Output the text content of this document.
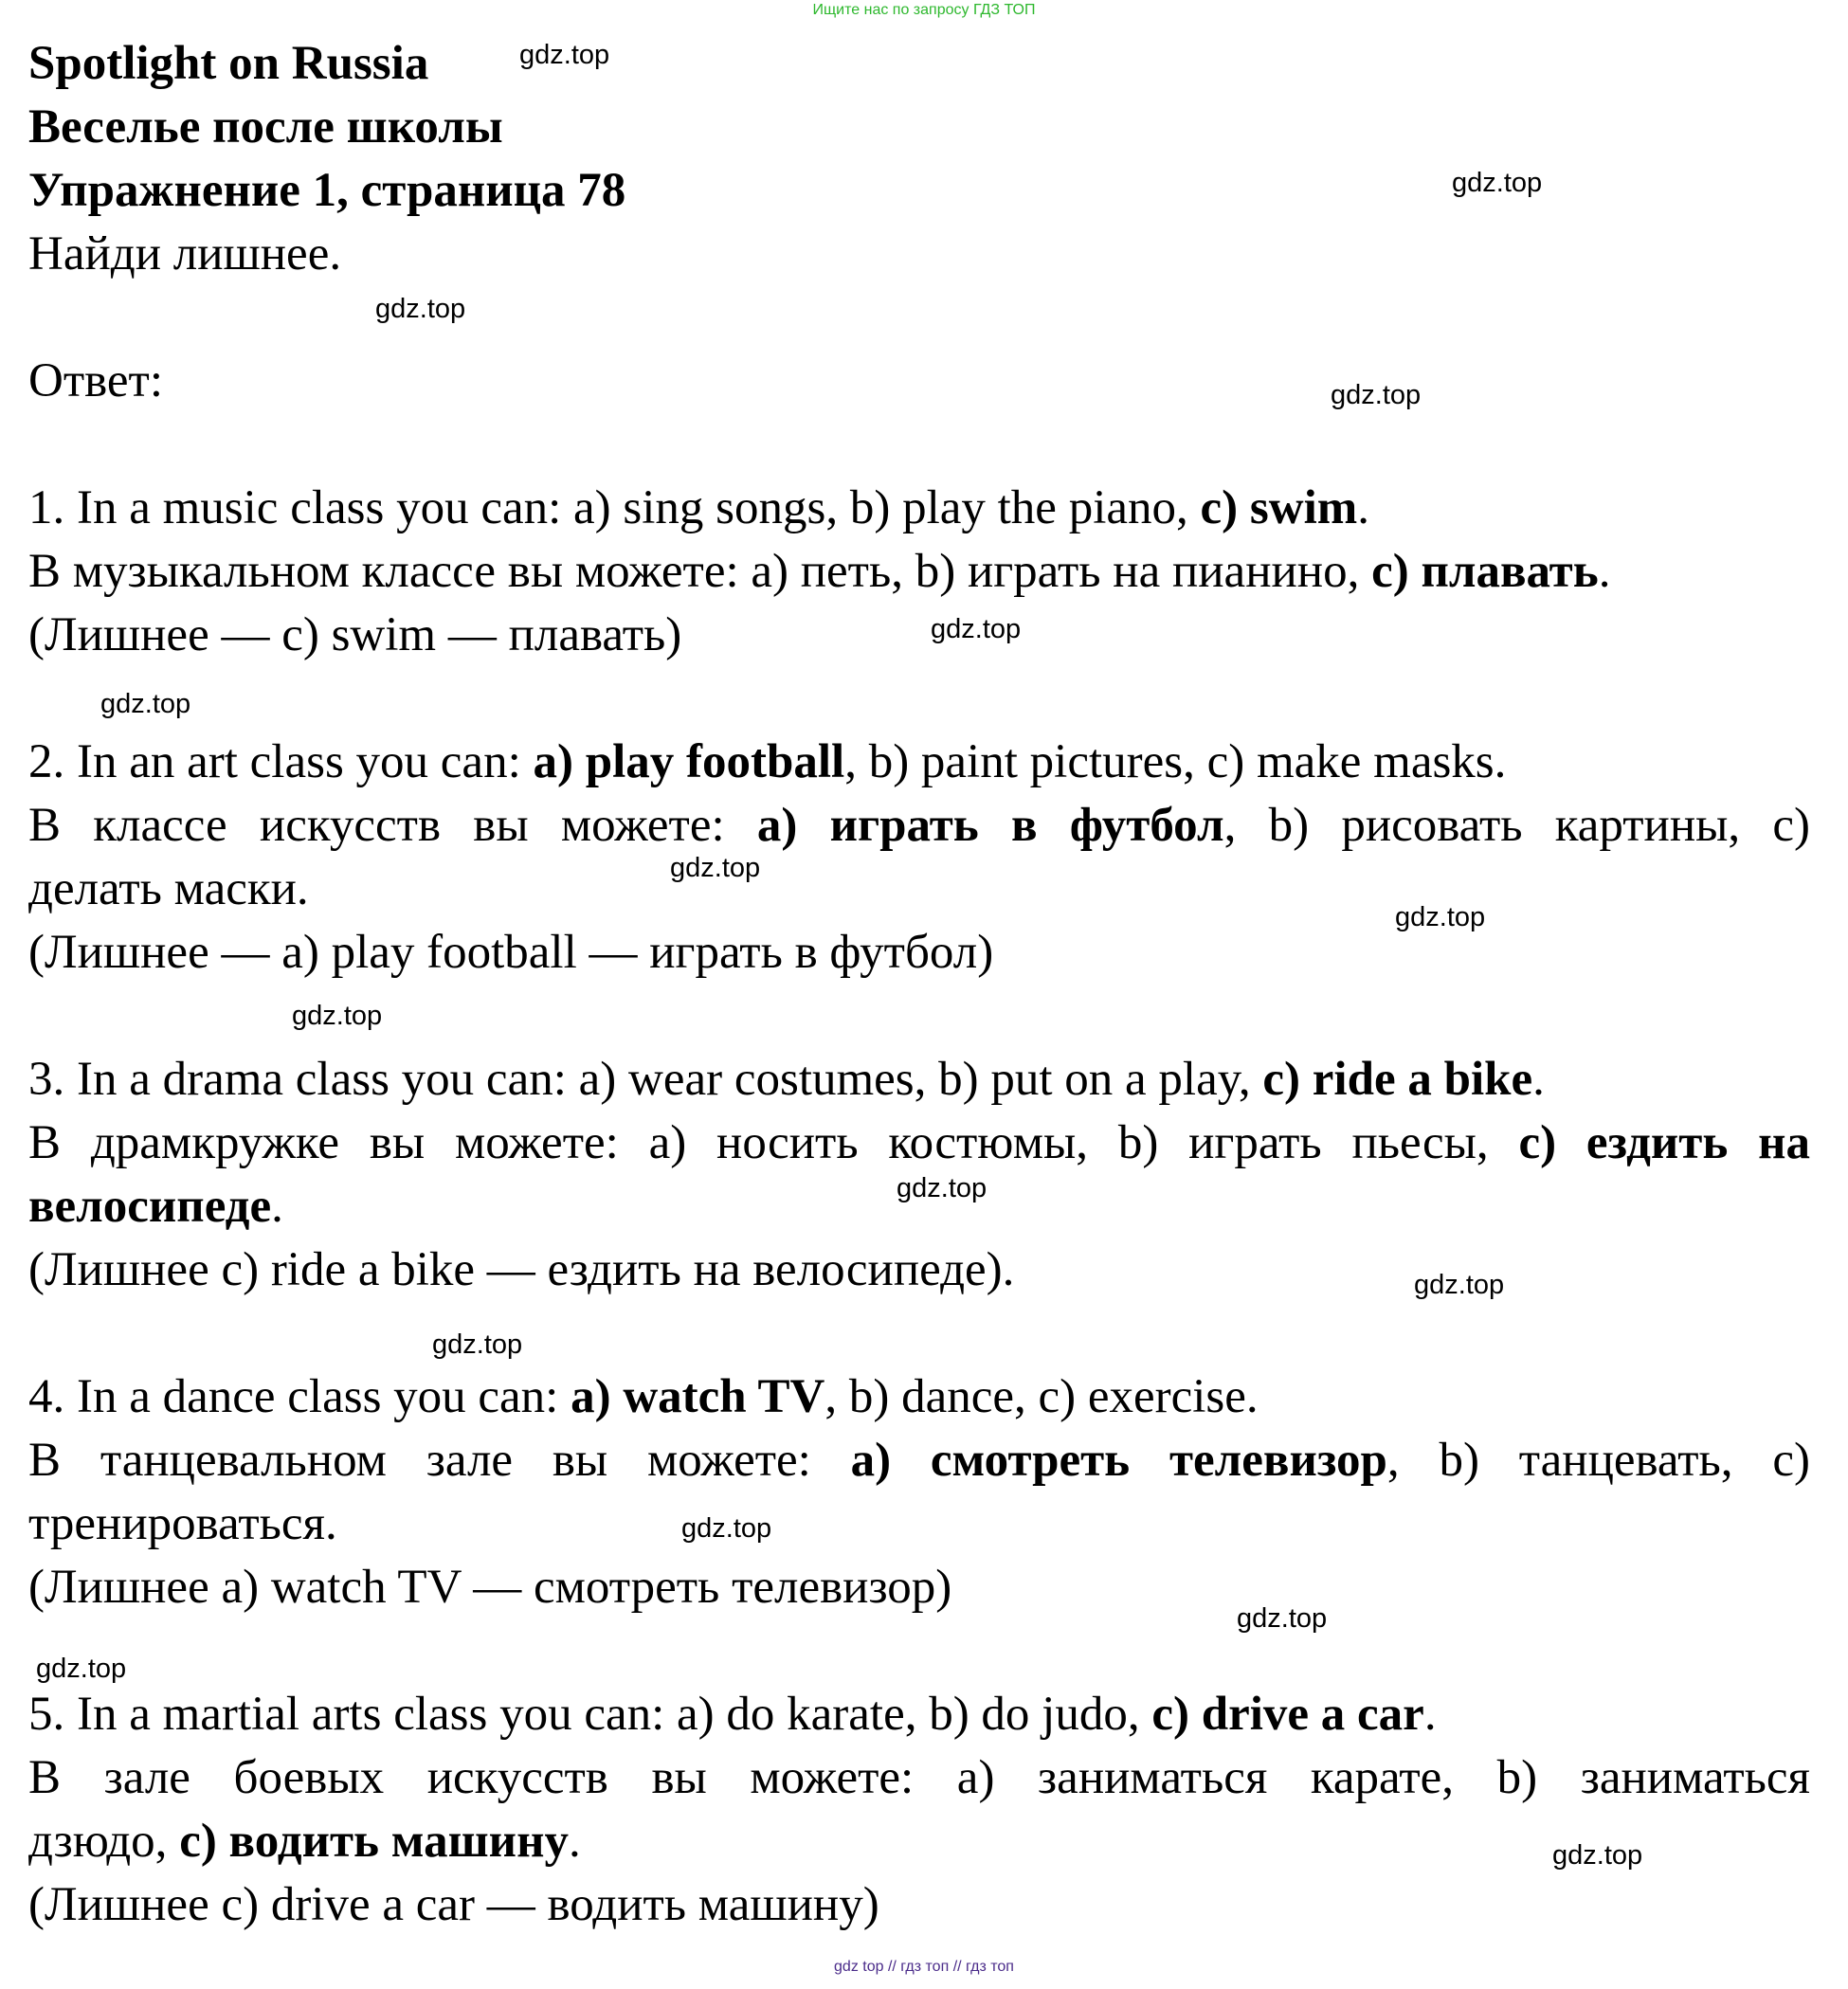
Ищите нас по запросу ГДЗ ТОП
Spotlight on Russia
Веселье после школы
Упражнение 1, страница 78
Найди лишнее.
Ответ:
1. In a music class you can: a) sing songs, b) play the piano, c) swim.
В музыкальном классе вы можете: а) петь, b) играть на пианино, c) плавать.
(Лишнее — c) swim — плавать)
2. In an art class you can: a) play football, b) paint pictures, c) make masks.
В классе искусств вы можете: a) играть в футбол, b) рисовать картины, c)
делать маски.
(Лишнее — a) play football — играть в футбол)
3. In a drama class you can: a) wear costumes, b) put on a play, c) ride a bike.
В драмкружке вы можете: а) носить костюмы, b) играть пьесы, c) ездить на
велосипеде.
(Лишнее c) ride a bike — ездить на велосипеде).
4. In a dance class you can: a) watch TV, b) dance, c) exercise.
В танцевальном зале вы можете: a) смотреть телевизор, b) танцевать, c)
тренироваться.
(Лишнее a) watch TV — смотреть телевизор)
5. In a martial arts class you can: a) do karate, b) do judo, c) drive a car.
В зале боевых искусств вы можете: а) заниматься карате, b) заниматься
дзюдо, c) водить машину.
(Лишнее c) drive a car — водить машину)
gdz.top
gdz.top
gdz.top
gdz.top
gdz.top
gdz.top
gdz.top
gdz.top
gdz.top
gdz.top
gdz.top
gdz.top
gdz.top
gdz.top
gdz.top
gdz.top
gdz top // гдз топ // гдз топ
